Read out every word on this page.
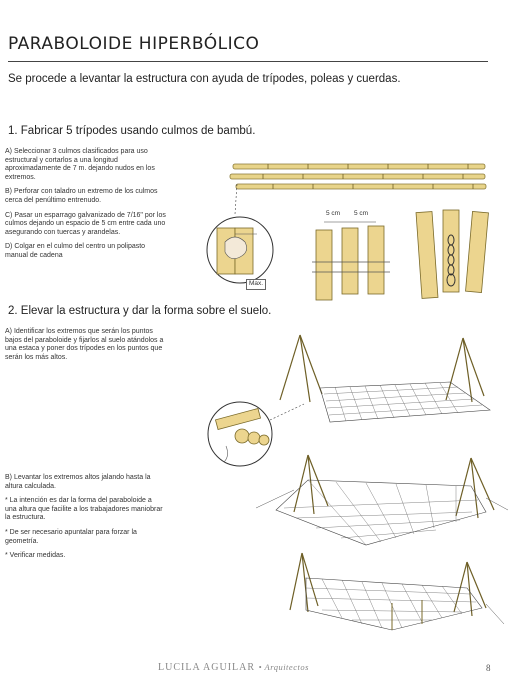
PARABOLOIDE HIPERBÓLICO
Se procede a levantar la estructura con ayuda de trípodes, poleas y cuerdas.
1. Fabricar 5 trípodes usando culmos de bambú.

A) Seleccionar 3 culmos clasificados para uso estructural y cortarlos a una longitud aproximadamente de 7 m. dejando nudos en los extremos.

B) Perforar con taladro un extremo de los culmos cerca del penúltimo entrenudo.

C) Pasar un esparrago galvanizado de 7/16" por los culmos dejando un espacio de 5 cm entre cada uno asegurando con tuercas y arandelas.

D) Colgar en el culmo del centro un polipasto manual de cadena

Max.
5 cm 5 cm
2. Elevar la estructura y dar la forma sobre el suelo.
A) Identificar los extremos que serán los puntos bajos del paraboloide y fijarlos al suelo atándolos a una estaca y poner dos trípodes en los puntos que serán los más altos.

B) Levantar los extremos altos jalando hasta la altura calculada.

* La intención es dar la forma del paraboloide a una altura que facilite a los trabajadores maniobrar la estructura.

* De ser necesario apuntalar para forzar la geometría.

* Verificar medidas.

LUCILA AGUILAR • Arquitectos	8
